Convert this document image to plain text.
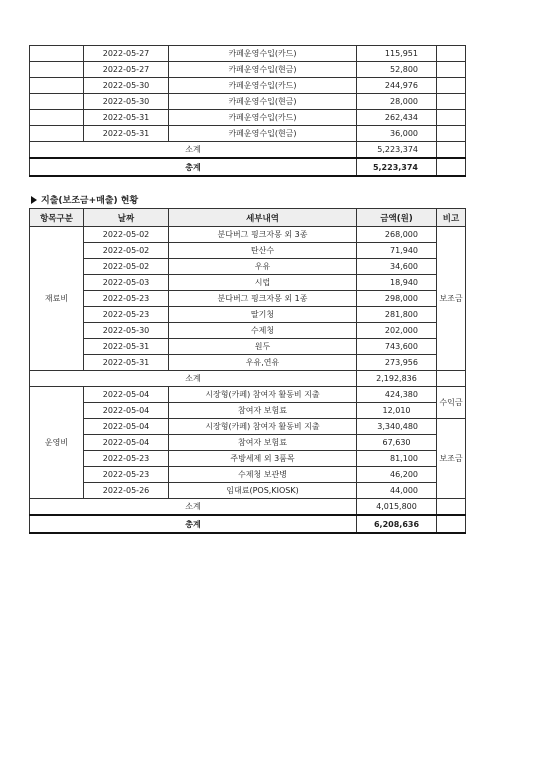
	2022-05-27	카페운영수입(카드)	115,951	
	2022-05-27	카페운영수입(현금)	52,800	
	2022-05-30	카페운영수입(카드)	244,976	
	2022-05-30	카페운영수입(현금)	28,000	
	2022-05-31	카페운영수입(카드)	262,434	
	2022-05-31	카페운영수입(현금)	36,000	
소계			5,223,374	
총계			5,223,374	
지출(보조금+매출) 현황
항목구분	날짜	세부내역	금액(원)	비고
재료비	2022-05-02	분다버그 핑크자몽 외 3종	268,000	보조금
	2022-05-02	탄산수	71,940	
	2022-05-02	우유	34,600	
	2022-05-03	시럽	18,940	
	2022-05-23	분다버그 핑크자몽 외 1종	298,000	
	2022-05-23	딸기청	281,800	
	2022-05-30	수제청	202,000	
	2022-05-31	원두	743,600	
	2022-05-31	우유,연유	273,956	
소계			2,192,836	
운영비	2022-05-04	시장형(카페) 참여자 활동비 지출	424,380	수익금
	2022-05-04	참여자 보험료	12,010	
	2022-05-04	시장형(카페) 참여자 활동비 지출	3,340,480	보조금
	2022-05-04	참여자 보험료	67,630	
	2022-05-23	주방세제 외 3품목	81,100	
	2022-05-23	수제청 보관병	46,200	
	2022-05-26	임대료(POS,KIOSK)	44,000	
소계			4,015,800	
총계			6,208,636	
